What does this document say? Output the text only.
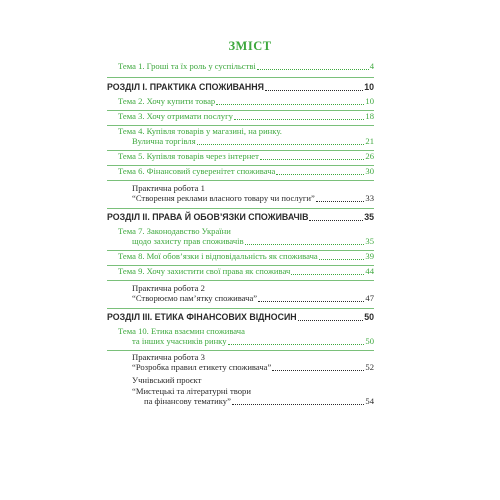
ЗМІСТ
Тема 1. Гроші та їх роль у суспільстві	4
РОЗДІЛ І. ПРАКТИКА СПОЖИВАННЯ	10
Тема 2. Хочу купити товар	10
Тема 3. Хочу отримати послугу	18
Тема 4. Купівля товарів у магазині, на ринку.
Вулична торгівля	21
Тема 5. Купівля товарів через інтернет	26
Тема 6. Фінансовий суверенітет споживача	30
Практична робота 1
“Створення реклами власного товару чи послуги”	33
РОЗДІЛ ІІ. ПРАВА Й ОБОВ’ЯЗКИ СПОЖИВАЧІВ	35
Тема 7. Законодавство України
щодо захисту прав споживачів	35
Тема 8. Мої обов’язки і відповідальність як споживача	39
Тема 9. Хочу захистити свої права як споживач	44
Практична робота 2
“Створюємо пам’ятку споживача”	47
РОЗДІЛ ІІІ. ЕТИКА ФІНАНСОВИХ ВІДНОСИН	50
Тема 10. Етика взаємин споживача
та інших учасників ринку	50
Практична робота 3
“Розробка правил етикету споживача”	52
Учнівський проєкт
“Мистецькі та літературні твори
па фінансову тематику”	54
